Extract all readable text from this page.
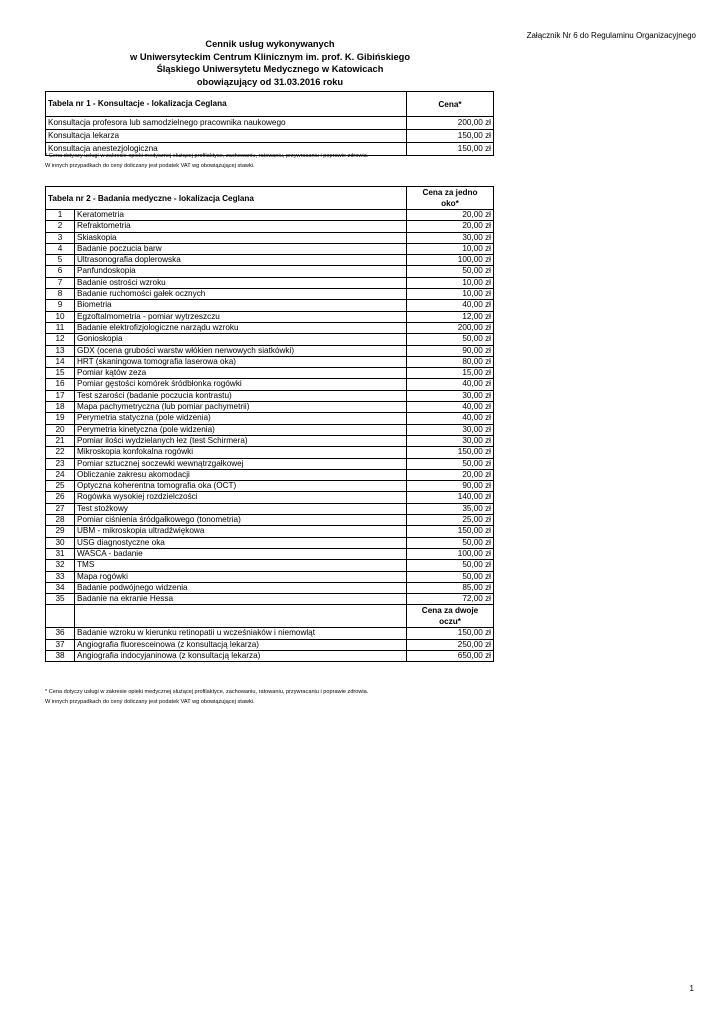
Załącznik Nr 6 do Regulaminu Organizacyjnego
Cennik usług wykonywanych
w Uniwersyteckim Centrum Klinicznym im. prof. K. Gibińskiego
Śląskiego Uniwersytetu Medycznego w Katowicach
obowiązujący od 31.03.2016 roku
Tabela nr 1 - Konsultacje - lokalizacja Ceglana	Cena*
Konsultacja profesora lub samodzielnego pracownika naukowego	200,00 zł
Konsultacja lekarza	150,00 zł
Konsultacja anestezjologiczna	150,00 zł
* Cena dotyczy usługi w zakresie opieki medycznej służącej profilaktyce, zachowaniu, ratowaniu, przywracaniu i poprawie zdrowia.
W innych przypadkach do ceny doliczany jest podatek VAT wg obowiązującej stawki.
Tabela nr 2 - Badania medyczne - lokalizacja Ceglana		Cena za jedno
oko*
1	Keratometria	20,00 zł
2	Refraktometria	20,00 zł
3	Skiaskopia	30,00 zł
4	Badanie poczucia barw	10,00 zł
5	Ultrasonografia doplerowska	100,00 zł
6	Panfundoskopia	50,00 zł
7	Badanie ostrości wzroku	10,00 zł
8	Badanie ruchomości gałek ocznych	10,00 zł
9	Biometria	40,00 zł
10	Egzoftalmometria - pomiar wytrzeszczu	12,00 zł
11	Badanie elektrofizjologiczne narządu wzroku	200,00 zł
12	Gonioskopia	50,00 zł
13	GDX (ocena grubości warstw włókien nerwowych siatkówki)	90,00 zł
14	HRT (skaningowa tomografia laserowa oka)	80,00 zł
15	Pomiar kątów zeza	15,00 zł
16	Pomiar gęstości komórek śródbłonka rogówki	40,00 zł
17	Test szarości (badanie poczucia kontrastu)	30,00 zł
18	Mapa pachymetryczna (lub pomiar pachymetrii)	40,00 zł
19	Perymetria statyczna (pole widzenia)	40,00 zł
20	Perymetria kinetyczna (pole widzenia)	30,00 zł
21	Pomiar ilości wydzielanych łez (test Schirmera)	30,00 zł
22	Mikroskopia konfokalna rogówki	150,00 zł
23	Pomiar sztucznej soczewki wewnątrzgałkowej	50,00 zł
24	Obliczanie zakresu akomodacji	20,00 zł
25	Optyczna koherentna tomografia oka (OCT)	90,00 zł
26	Rogówka wysokiej rozdzielczości	140,00 zł
27	Test stożkowy	35,00 zł
28	Pomiar ciśnienia śródgałkowego (tonometria)	25,00 zł
29	UBM - mikroskopia ultradźwiękowa	150,00 zł
30	USG diagnostyczne oka	50,00 zł
31	WASCA - badanie	100,00 zł
32	TMS	50,00 zł
33	Mapa rogówki	50,00 zł
34	Badanie podwójnego widzenia	85,00 zł
35	Badanie na ekranie Hessa	72,00 zł
		Cena za dwoje
oczu*
36	Badanie wzroku w kierunku retinopatii u wcześniaków i niemowląt	150,00 zł
37	Angiografia fluoresceinowa (z konsultacją lekarza)	250,00 zł
38	Angiografia indocyjaninowa (z konsultacją lekarza)	650,00 zł
* Cena dotyczy usługi w zakresie opieki medycznej służącej profilaktyce, zachowaniu, ratowaniu, przywracaniu i poprawie zdrowia.
W innych przypadkach do ceny doliczany jest podatek VAT wg obowiązującej stawki.
1
